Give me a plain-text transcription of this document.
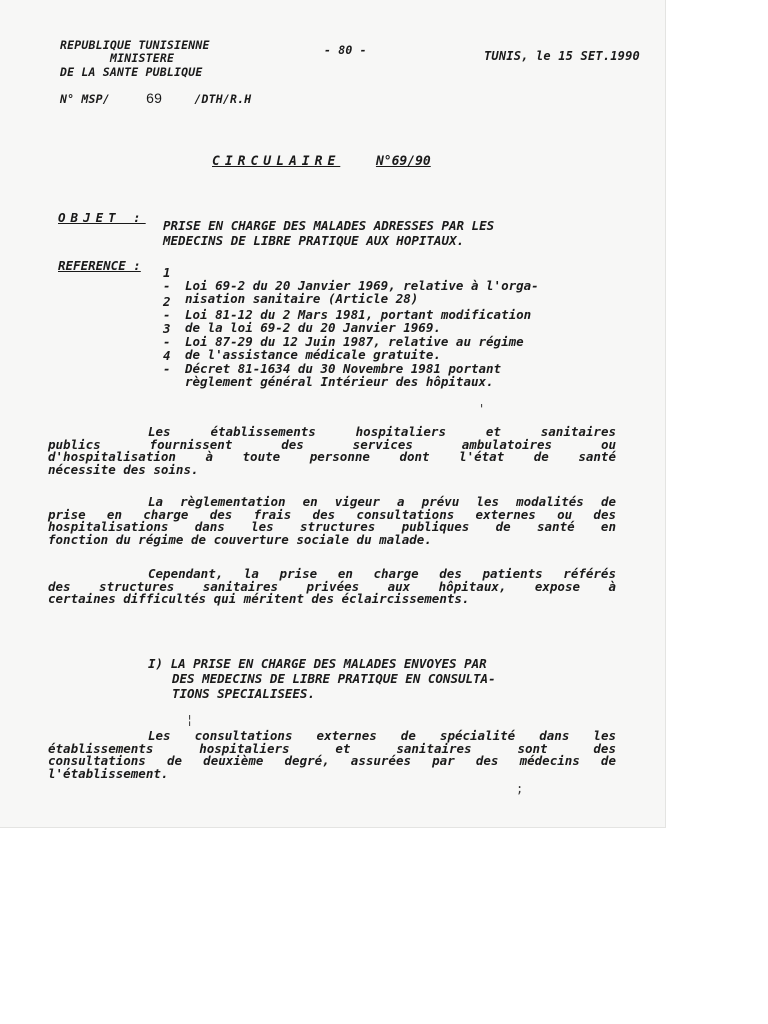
REPUBLIQUE TUNISIENNE
MINISTERE
DE LA SANTE PUBLIQUE
- 80 -	TUNIS, le 15 SET.1990
N° MSP/	69	/DTH/R.H
CIRCULAIRE	N°69/90
OBJET :
PRISE EN CHARGE DES MALADES ADRESSES PAR LES
MEDECINS DE LIBRE PRATIQUE AUX HOPITAUX.
REFERENCE : 1 - Loi 69-2 du 20 Janvier 1969, relative à l'orga-
nisation sanitaire (Article 28)
2 - Loi 81-12 du 2 Mars 1981, portant modification
de la loi 69-2 du 20 Janvier 1969.
3 - Loi 87-29 du 12 Juin 1987, relative au régime
de l'assistance médicale gratuite.
4 - Décret 81-1634 du 30 Novembre 1981 portant
règlement général Intérieur des hôpitaux.
'

Les établissements hospitaliers et sanitaires

publics fournissent des services ambulatoires ou

d'hospitalisation à toute personne dont l'état de santé

nécessite des soins.

La règlementation en vigeur a prévu les modalités de

prise en charge des frais des consultations externes ou des

hospitalisations dans les structures publiques de santé en

fonction du régime de couverture sociale du malade.

Cependant, la prise en charge des patients référés

des structures sanitaires privées aux hôpitaux, expose à

certaines difficultés qui méritent des éclaircissements.

I) LA PRISE EN CHARGE DES MALADES ENVOYES PAR
DES MEDECINS DE LIBRE PRATIQUE EN CONSULTA-
TIONS SPECIALISEES.
¦

Les consultations externes de spécialité dans les

établissements hospitaliers et sanitaires sont des

consultations de deuxième degré, assurées par des médecins de

l'établissement.

;
